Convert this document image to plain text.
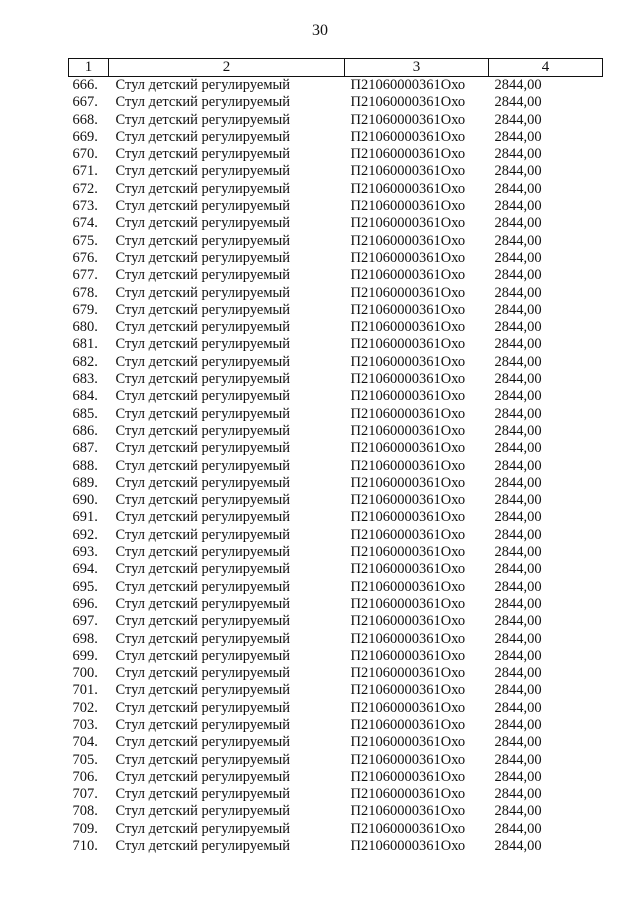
30
1	2	3	4
666.	Стул детский регулируемый	П21060000361Охо	2844,00
667.	Стул детский регулируемый	П21060000361Охо	2844,00
668.	Стул детский регулируемый	П21060000361Охо	2844,00
669.	Стул детский регулируемый	П21060000361Охо	2844,00
670.	Стул детский регулируемый	П21060000361Охо	2844,00
671.	Стул детский регулируемый	П21060000361Охо	2844,00
672.	Стул детский регулируемый	П21060000361Охо	2844,00
673.	Стул детский регулируемый	П21060000361Охо	2844,00
674.	Стул детский регулируемый	П21060000361Охо	2844,00
675.	Стул детский регулируемый	П21060000361Охо	2844,00
676.	Стул детский регулируемый	П21060000361Охо	2844,00
677.	Стул детский регулируемый	П21060000361Охо	2844,00
678.	Стул детский регулируемый	П21060000361Охо	2844,00
679.	Стул детский регулируемый	П21060000361Охо	2844,00
680.	Стул детский регулируемый	П21060000361Охо	2844,00
681.	Стул детский регулируемый	П21060000361Охо	2844,00
682.	Стул детский регулируемый	П21060000361Охо	2844,00
683.	Стул детский регулируемый	П21060000361Охо	2844,00
684.	Стул детский регулируемый	П21060000361Охо	2844,00
685.	Стул детский регулируемый	П21060000361Охо	2844,00
686.	Стул детский регулируемый	П21060000361Охо	2844,00
687.	Стул детский регулируемый	П21060000361Охо	2844,00
688.	Стул детский регулируемый	П21060000361Охо	2844,00
689.	Стул детский регулируемый	П21060000361Охо	2844,00
690.	Стул детский регулируемый	П21060000361Охо	2844,00
691.	Стул детский регулируемый	П21060000361Охо	2844,00
692.	Стул детский регулируемый	П21060000361Охо	2844,00
693.	Стул детский регулируемый	П21060000361Охо	2844,00
694.	Стул детский регулируемый	П21060000361Охо	2844,00
695.	Стул детский регулируемый	П21060000361Охо	2844,00
696.	Стул детский регулируемый	П21060000361Охо	2844,00
697.	Стул детский регулируемый	П21060000361Охо	2844,00
698.	Стул детский регулируемый	П21060000361Охо	2844,00
699.	Стул детский регулируемый	П21060000361Охо	2844,00
700.	Стул детский регулируемый	П21060000361Охо	2844,00
701.	Стул детский регулируемый	П21060000361Охо	2844,00
702.	Стул детский регулируемый	П21060000361Охо	2844,00
703.	Стул детский регулируемый	П21060000361Охо	2844,00
704.	Стул детский регулируемый	П21060000361Охо	2844,00
705.	Стул детский регулируемый	П21060000361Охо	2844,00
706.	Стул детский регулируемый	П21060000361Охо	2844,00
707.	Стул детский регулируемый	П21060000361Охо	2844,00
708.	Стул детский регулируемый	П21060000361Охо	2844,00
709.	Стул детский регулируемый	П21060000361Охо	2844,00
710.	Стул детский регулируемый	П21060000361Охо	2844,00
